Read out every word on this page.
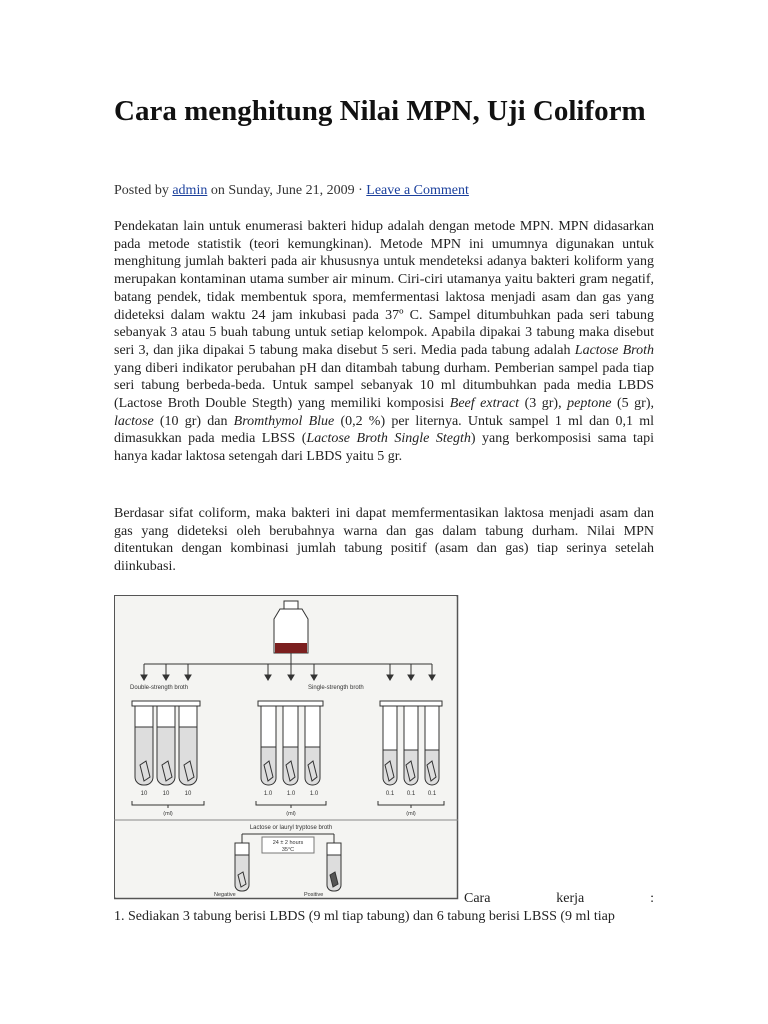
Cara menghitung Nilai MPN, Uji Coliform
Posted by admin on Sunday, June 21, 2009 · Leave a Comment
Pendekatan lain untuk enumerasi bakteri hidup adalah dengan metode MPN. MPN didasarkan pada metode statistik (teori kemungkinan). Metode MPN ini umumnya digunakan untuk menghitung jumlah bakteri pada air khususnya untuk mendeteksi adanya bakteri koliform yang merupakan kontaminan utama sumber air minum. Ciri-ciri utamanya yaitu bakteri gram negatif, batang pendek, tidak membentuk spora, memfermentasi laktosa menjadi asam dan gas yang dideteksi dalam waktu 24 jam inkubasi pada 37º C. Sampel ditumbuhkan pada seri tabung sebanyak 3 atau 5 buah tabung untuk setiap kelompok. Apabila dipakai 3 tabung maka disebut seri 3, dan jika dipakai 5 tabung maka disebut 5 seri. Media pada tabung adalah Lactose Broth yang diberi indikator perubahan pH dan ditambah tabung durham. Pemberian sampel pada tiap seri tabung berbeda-beda. Untuk sampel sebanyak 10 ml ditumbuhkan pada media LBDS (Lactose Broth Double Stegth) yang memiliki komposisi Beef extract (3 gr), peptone (5 gr), lactose (10 gr) dan Bromthymol Blue (0,2 %) per liternya. Untuk sampel 1 ml dan 0,1 ml dimasukkan pada media LBSS (Lactose Broth Single Stegth) yang berkomposisi sama tapi hanya kadar laktosa setengah dari LBDS yaitu 5 gr.
Berdasar sifat coliform, maka bakteri ini dapat memfermentasikan laktosa menjadi asam dan gas yang dideteksi oleh berubahnya warna dan gas dalam tabung durham. Nilai MPN ditentukan dengan kombinasi jumlah tabung positif (asam dan gas) tiap serinya setelah diinkubasi.
Double-strength broth	Single-strength broth
10	10	10	1.0 1.0 1.0	0.1 0.1 0.1
(ml)	(ml)	(ml)
Lactose or lauryl tryptose broth
24 ± 2 hours
35°C
Negative	Positive	Cara	kerja	:
1. Sediakan 3 tabung berisi LBDS (9 ml tiap tabung) dan 6 tabung berisi LBSS (9 ml tiap
